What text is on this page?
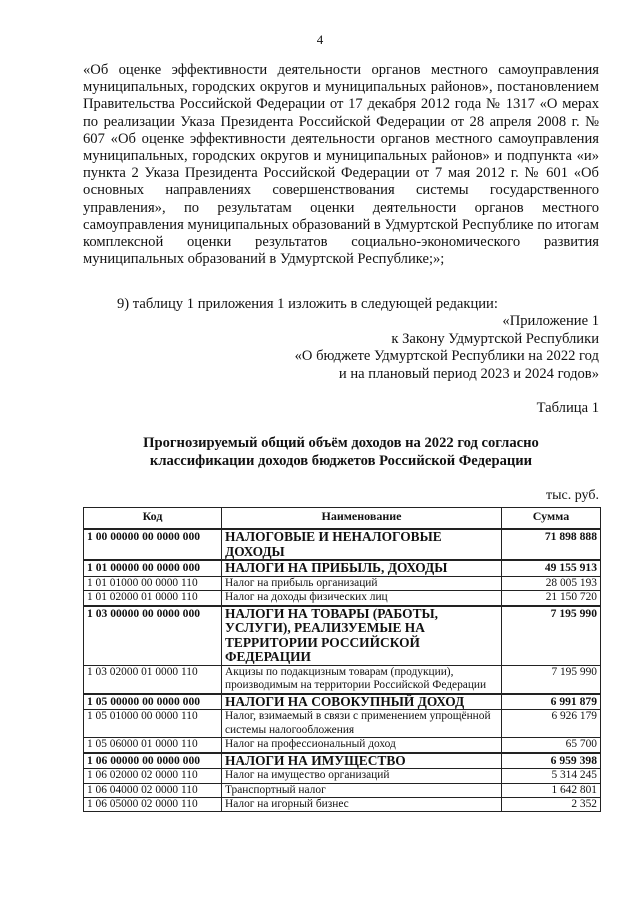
4

«Об оценке эффективности деятельности органов местного самоуправления муниципальных, городских округов и муниципальных районов», постановлением Правительства Российской Федерации от 17 декабря 2012 года № 1317 «О мерах по реализации Указа Президента Российской Федерации от 28 апреля 2008 г. № 607 «Об оценке эффективности деятельности органов местного самоуправления муниципальных, городских округов и муниципальных районов» и подпункта «и» пункта 2 Указа Президента Российской Федерации от 7 мая 2012 г. № 601 «Об основных направлениях совершенствования системы государственного управления», по результатам оценки деятельности органов местного самоуправления муниципальных образований в Удмуртской Республике по итогам комплексной оценки результатов социально-экономического развития муниципальных образований в Удмуртской Республике;»;

9) таблицу 1 приложения 1 изложить в следующей редакции:

«Приложение 1
к Закону Удмуртской Республики
«О бюджете Удмуртской Республики на 2022 год
и на плановый период 2023 и 2024 годов»
Таблица 1
Прогнозируемый общий объём доходов на 2022 год согласно
классификации доходов бюджетов Российской Федерации
тыс. руб.
Код	Наименование	Сумма
1 00 00000 00 0000 000	НАЛОГОВЫЕ И НЕНАЛОГОВЫЕ ДОХОДЫ	71 898 888
1 01 00000 00 0000 000	НАЛОГИ НА ПРИБЫЛЬ, ДОХОДЫ	49 155 913
1 01 01000 00 0000 110	Налог на прибыль организаций	28 005 193
1 01 02000 01 0000 110	Налог на доходы физических лиц	21 150 720
1 03 00000 00 0000 000	НАЛОГИ НА ТОВАРЫ (РАБОТЫ, УСЛУГИ), РЕАЛИЗУЕМЫЕ НА ТЕРРИТОРИИ РОССИЙСКОЙ ФЕДЕРАЦИИ	7 195 990
1 03 02000 01 0000 110	Акцизы по подакцизным товарам (продукции), производимым на территории Российской Федерации	7 195 990
1 05 00000 00 0000 000	НАЛОГИ НА СОВОКУПНЫЙ ДОХОД	6 991 879
1 05 01000 00 0000 110	Налог, взимаемый в связи с применением упрощённой системы налогообложения	6 926 179
1 05 06000 01 0000 110	Налог на профессиональный доход	65 700
1 06 00000 00 0000 000	НАЛОГИ НА ИМУЩЕСТВО	6 959 398
1 06 02000 02 0000 110	Налог на имущество организаций	5 314 245
1 06 04000 02 0000 110	Транспортный налог	1 642 801
1 06 05000 02 0000 110	Налог на игорный бизнес	2 352
